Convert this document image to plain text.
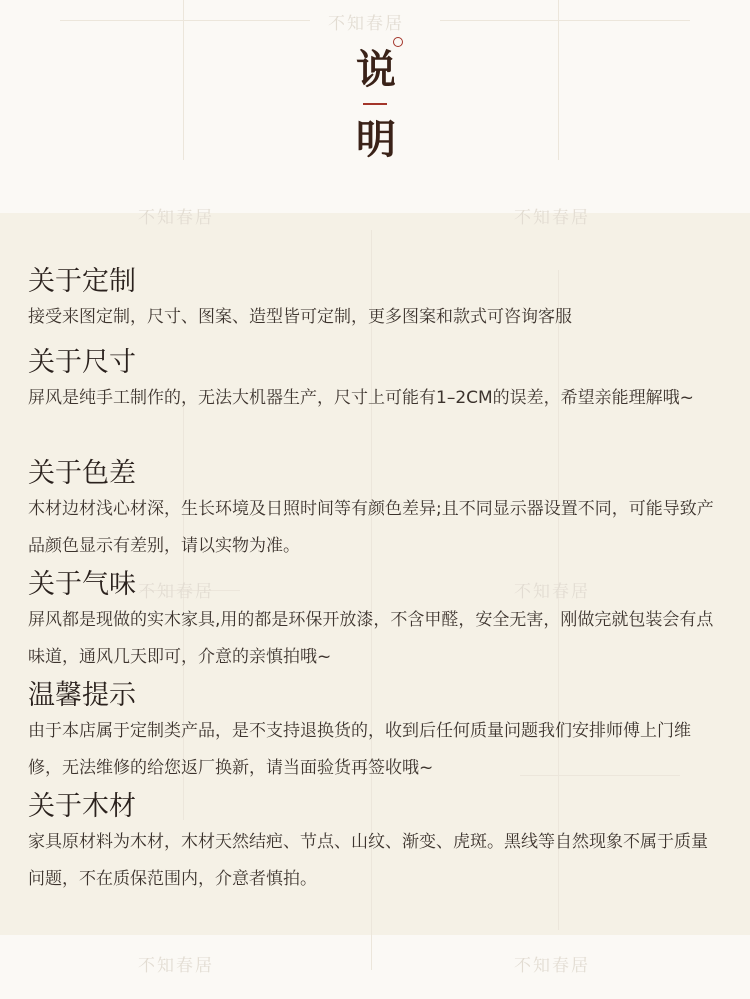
不知春居
不知春居	不知春居
不知春居	不知春居
不知春居	不知春居
说
明
关于定制

接受来图定制，尺寸、图案、造型皆可定制，更多图案和款式可咨询客服

关于尺寸

屏风是纯手工制作的，无法大机器生产，尺寸上可能有1–2CM的误差，希望亲能理解哦~

关于色差

木材边材浅心材深，生长环境及日照时间等有颜色差异;且不同显示器设置不同，可能导致产品颜色显示有差别，请以实物为准。

关于气味

屏风都是现做的实木家具,用的都是环保开放漆，不含甲醛，安全无害，刚做完就包装会有点味道，通风几天即可，介意的亲慎拍哦~

温馨提示

由于本店属于定制类产品，是不支持退换货的，收到后任何质量问题我们安排师傅上门维修，无法维修的给您返厂换新，请当面验货再签收哦~

关于木材

家具原材料为木材，木材天然结疤、节点、山纹、渐变、虎斑。黑线等自然现象不属于质量问题，不在质保范围内，介意者慎拍。
